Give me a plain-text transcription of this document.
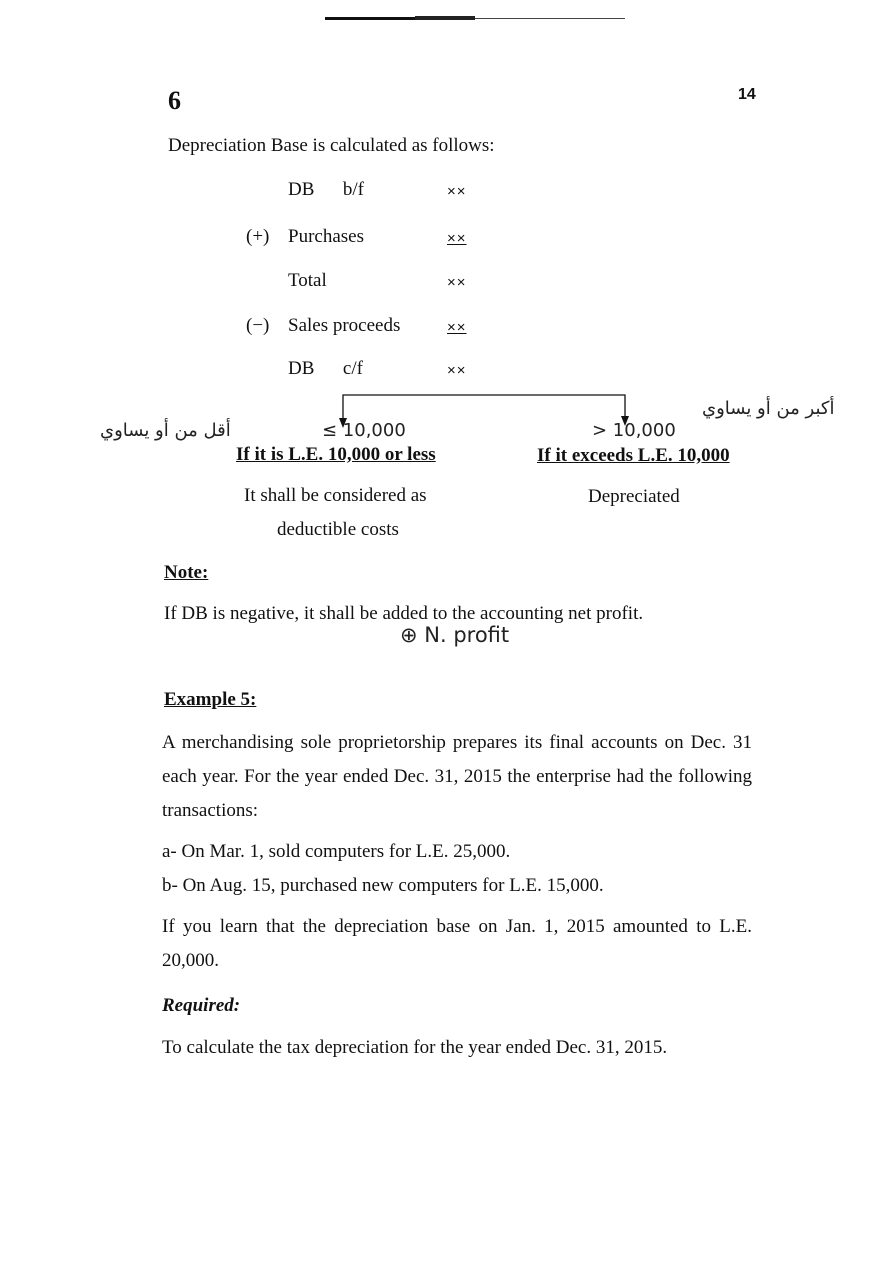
6	14
Depreciation Base is calculated as follows:
(+)
(−)
DB      b/f
Purchases
Total
Sales proceeds
DB      c/f
××
××
××
××
××
≤ 10,000
أقل من أو يساوي
If it is L.E. 10,000 or less
It shall be considered as
deductible costs
> 10,000
أكبر من أو يساوي
If it exceeds L.E. 10,000
Depreciated
Note:
If DB is negative, it shall be added to the accounting net profit.
⊕ N. profit
Example 5:
A merchandising sole proprietorship prepares its final accounts on Dec. 31 each year. For the year ended Dec. 31, 2015 the enterprise had the following transactions:
a- On Mar. 1, sold computers for L.E. 25,000.
b- On Aug. 15, purchased new computers for L.E. 15,000.
If you learn that the depreciation base on Jan. 1, 2015 amounted to L.E. 20,000.
Required:
To calculate the tax depreciation for the year ended Dec. 31, 2015.
